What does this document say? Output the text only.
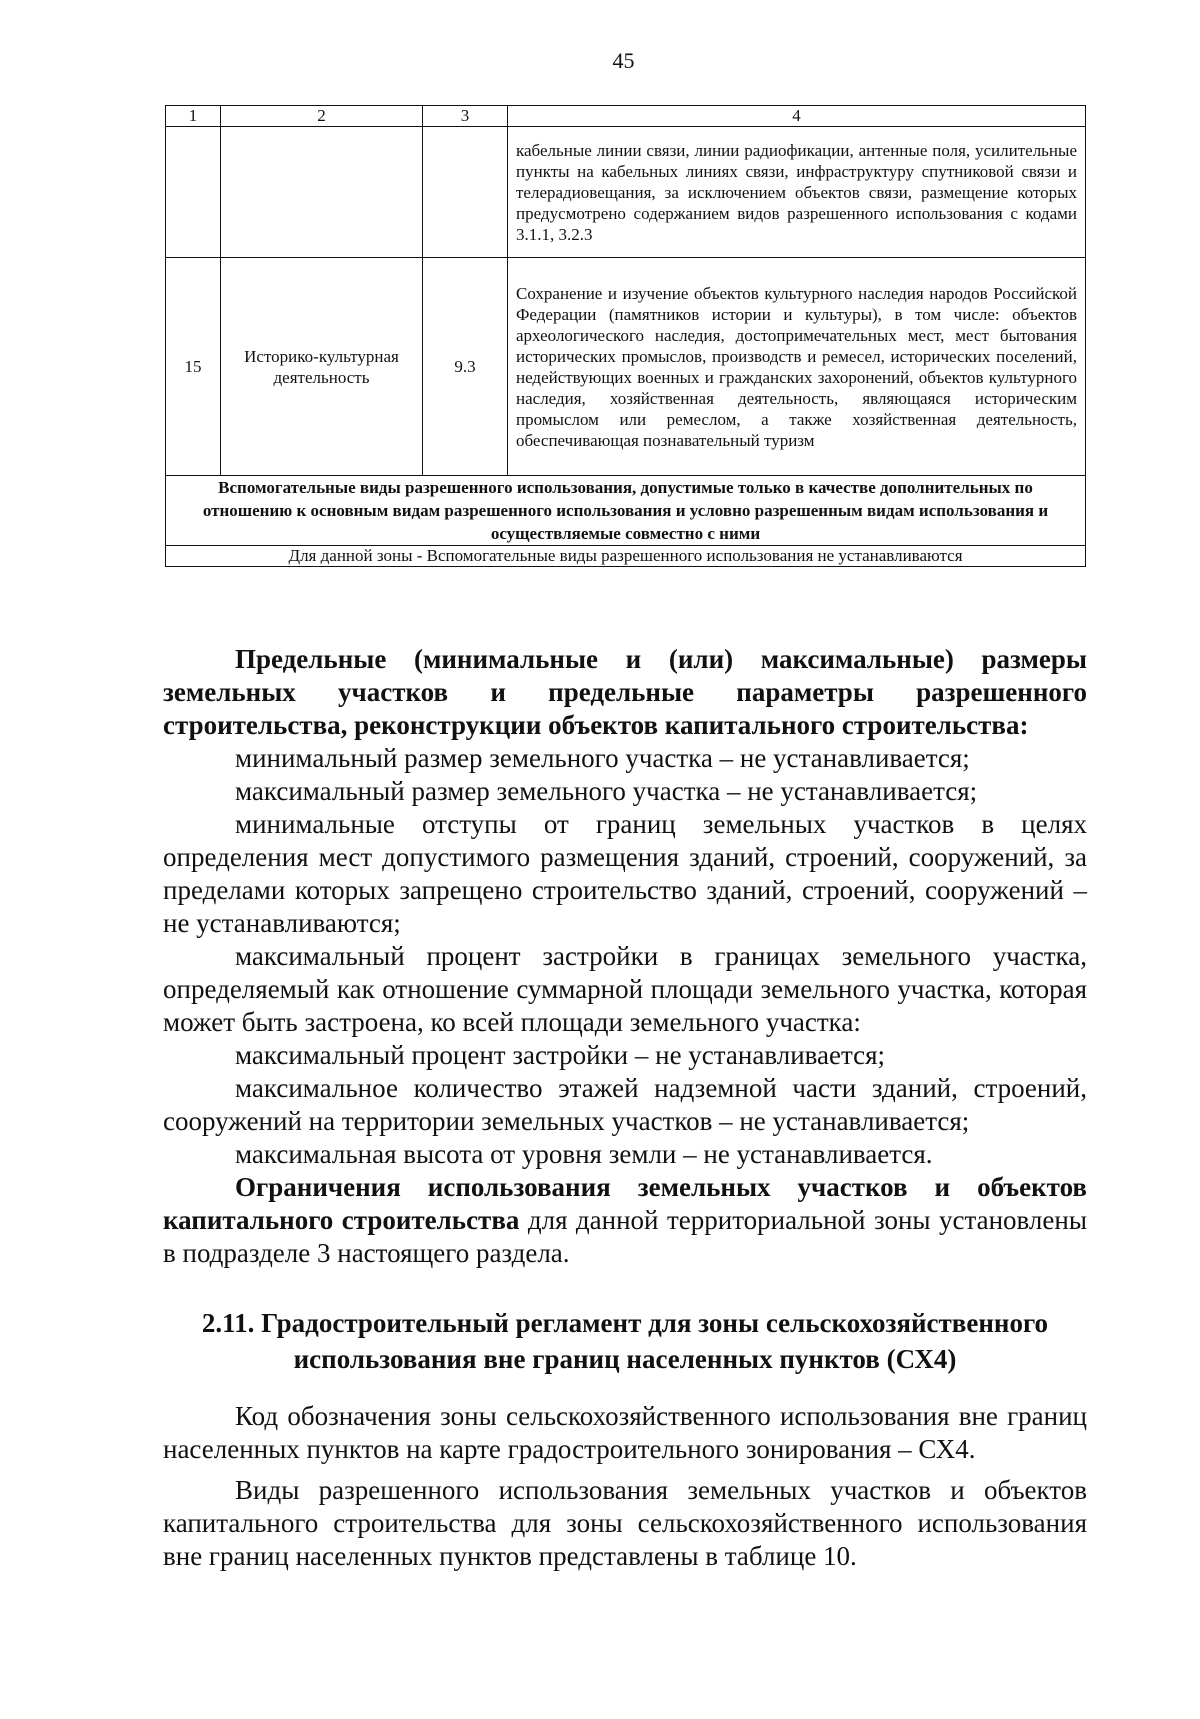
45
1	2	3	4
			кабельные линии связи, линии радиофикации, антенные поля, усилительные пункты на кабельных линиях связи, инфраструктуру спутниковой связи и телерадиовещания, за исключением объектов связи, размещение которых предусмотрено содержанием видов разрешенного использования с кодами 3.1.1, 3.2.3
15	Историко-культурная деятельность	9.3	Сохранение и изучение объектов культурного наследия народов Российской Федерации (памятников истории и культуры), в том числе: объектов археологического наследия, достопримечательных мест, мест бытования исторических промыслов, производств и ремесел, исторических поселений, недействующих военных и гражданских захоронений, объектов культурного наследия, хозяйственная деятельность, являющаяся историческим промыслом или ремеслом, а также хозяйственная деятельность, обеспечивающая познавательный туризм
Вспомогательные виды разрешенного использования, допустимые только в качестве дополнительных по отношению к основным видам разрешенного использования и условно разрешенным видам использования и осуществляемые совместно с ними			
Для данной зоны - Вспомогательные виды разрешенного использования не устанавливаются			

Предельные (минимальные и (или) максимальные) размеры земельных участков и предельные параметры разрешенного строительства, реконструкции объектов капитального строительства:

минимальный размер земельного участка – не устанавливается;

максимальный размер земельного участка – не устанавливается;

минимальные отступы от границ земельных участков в целях определения мест допустимого размещения зданий, строений, сооружений, за пределами которых запрещено строительство зданий, строений, сооружений – не устанавливаются;

максимальный процент застройки в границах земельного участка, определяемый как отношение суммарной площади земельного участка, которая может быть застроена, ко всей площади земельного участка:

максимальный процент застройки – не устанавливается;

максимальное количество этажей надземной части зданий, строений, сооружений на территории земельных участков – не устанавливается;

максимальная высота от уровня земли – не устанавливается.

Ограничения использования земельных участков и объектов капитального строительства для данной территориальной зоны установлены в подразделе 3 настоящего раздела.

2.11. Градостроительный регламент для зоны сельскохозяйственного
использования вне границ населенных пунктов (СХ4)

Код обозначения зоны сельскохозяйственного использования вне границ населенных пунктов на карте градостроительного зонирования – СХ4.

Виды разрешенного использования земельных участков и объектов капитального строительства для зоны сельскохозяйственного использования вне границ населенных пунктов представлены в таблице 10.
